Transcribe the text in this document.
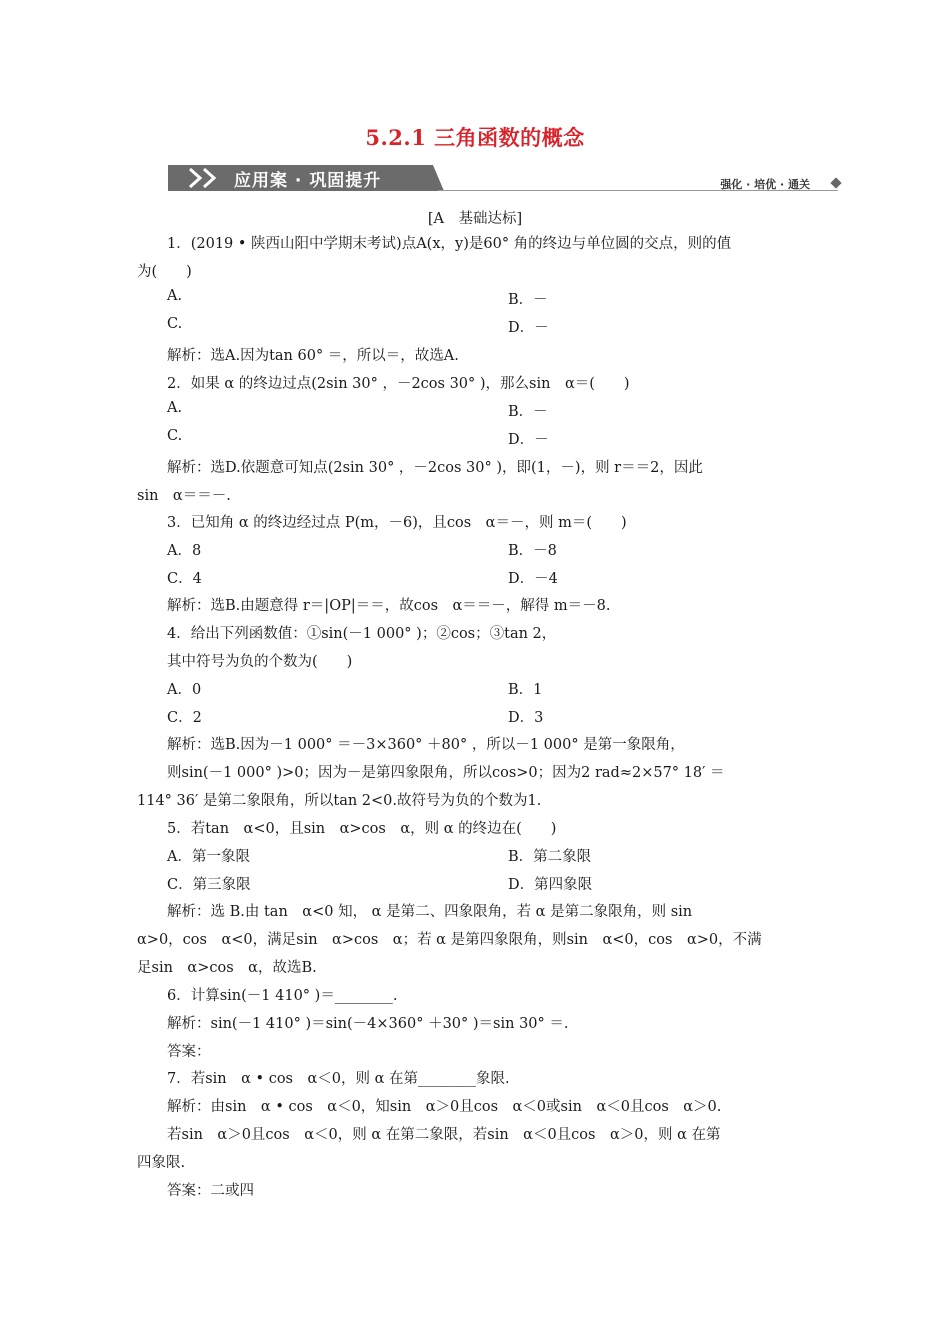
5.2.1 三角函数的概念
应用案 · 巩固提升	强化 · 培优 · 通关
[A　基础达标]
1．(2019 • 陕西山阳中学期末考试)点A(x，y)是60° 角的终边与单位圆的交点，则的值
为(　　)
A.	B．－
C.	D．－
解析：选A.因为tan 60° ＝，所以＝，故选A.
2．如果 α 的终边过点(2sin 30° ，－2cos 30° )，那么sin　α＝(　　)
A.	B．－
C.	D．－
解析：选D.依题意可知点(2sin 30° ，－2cos 30° )，即(1，－)，则 r＝＝2，因此
sin　α＝＝－.
3．已知角 α 的终边经过点 P(m，－6)，且cos　α＝－，则 m＝(　　)
A．8	B．－8
C．4	D．－4
解析：选B.由题意得 r＝|OP|＝＝，故cos　α＝＝－，解得 m＝－8.
4．给出下列函数值：①sin(－1 000° )；②cos；③tan 2，
其中符号为负的个数为(　　)
A．0	B．1
C．2	D．3
解析：选B.因为－1 000° ＝－3×360° ＋80° ，所以－1 000° 是第一象限角，
则sin(－1 000° )>0；因为－是第四象限角，所以cos>0；因为2 rad≈2×57° 18′ ＝
114° 36′ 是第二象限角，所以tan 2<0.故符号为负的个数为1.
5．若tan　α<0，且sin　α>cos　α，则 α 的终边在(　　)
A．第一象限	B．第二象限
C．第三象限	D．第四象限
解析：选 B.由 tan　α<0 知， α 是第二、四象限角，若 α 是第二象限角，则 sin
α>0，cos　α<0，满足sin　α>cos　α；若 α 是第四象限角，则sin　α<0，cos　α>0，不满
足sin　α>cos　α，故选B.
6．计算sin(－1 410° )＝________.
解析：sin(－1 410° )＝sin(－4×360° ＋30° )＝sin 30° ＝.
答案：
7．若sin　α • cos　α＜0，则 α 在第________象限.
解析：由sin　α • cos　α＜0，知sin　α＞0且cos　α＜0或sin　α＜0且cos　α＞0.
若sin　α＞0且cos　α＜0，则 α 在第二象限，若sin　α＜0且cos　α＞0，则 α 在第
四象限.
答案：二或四
